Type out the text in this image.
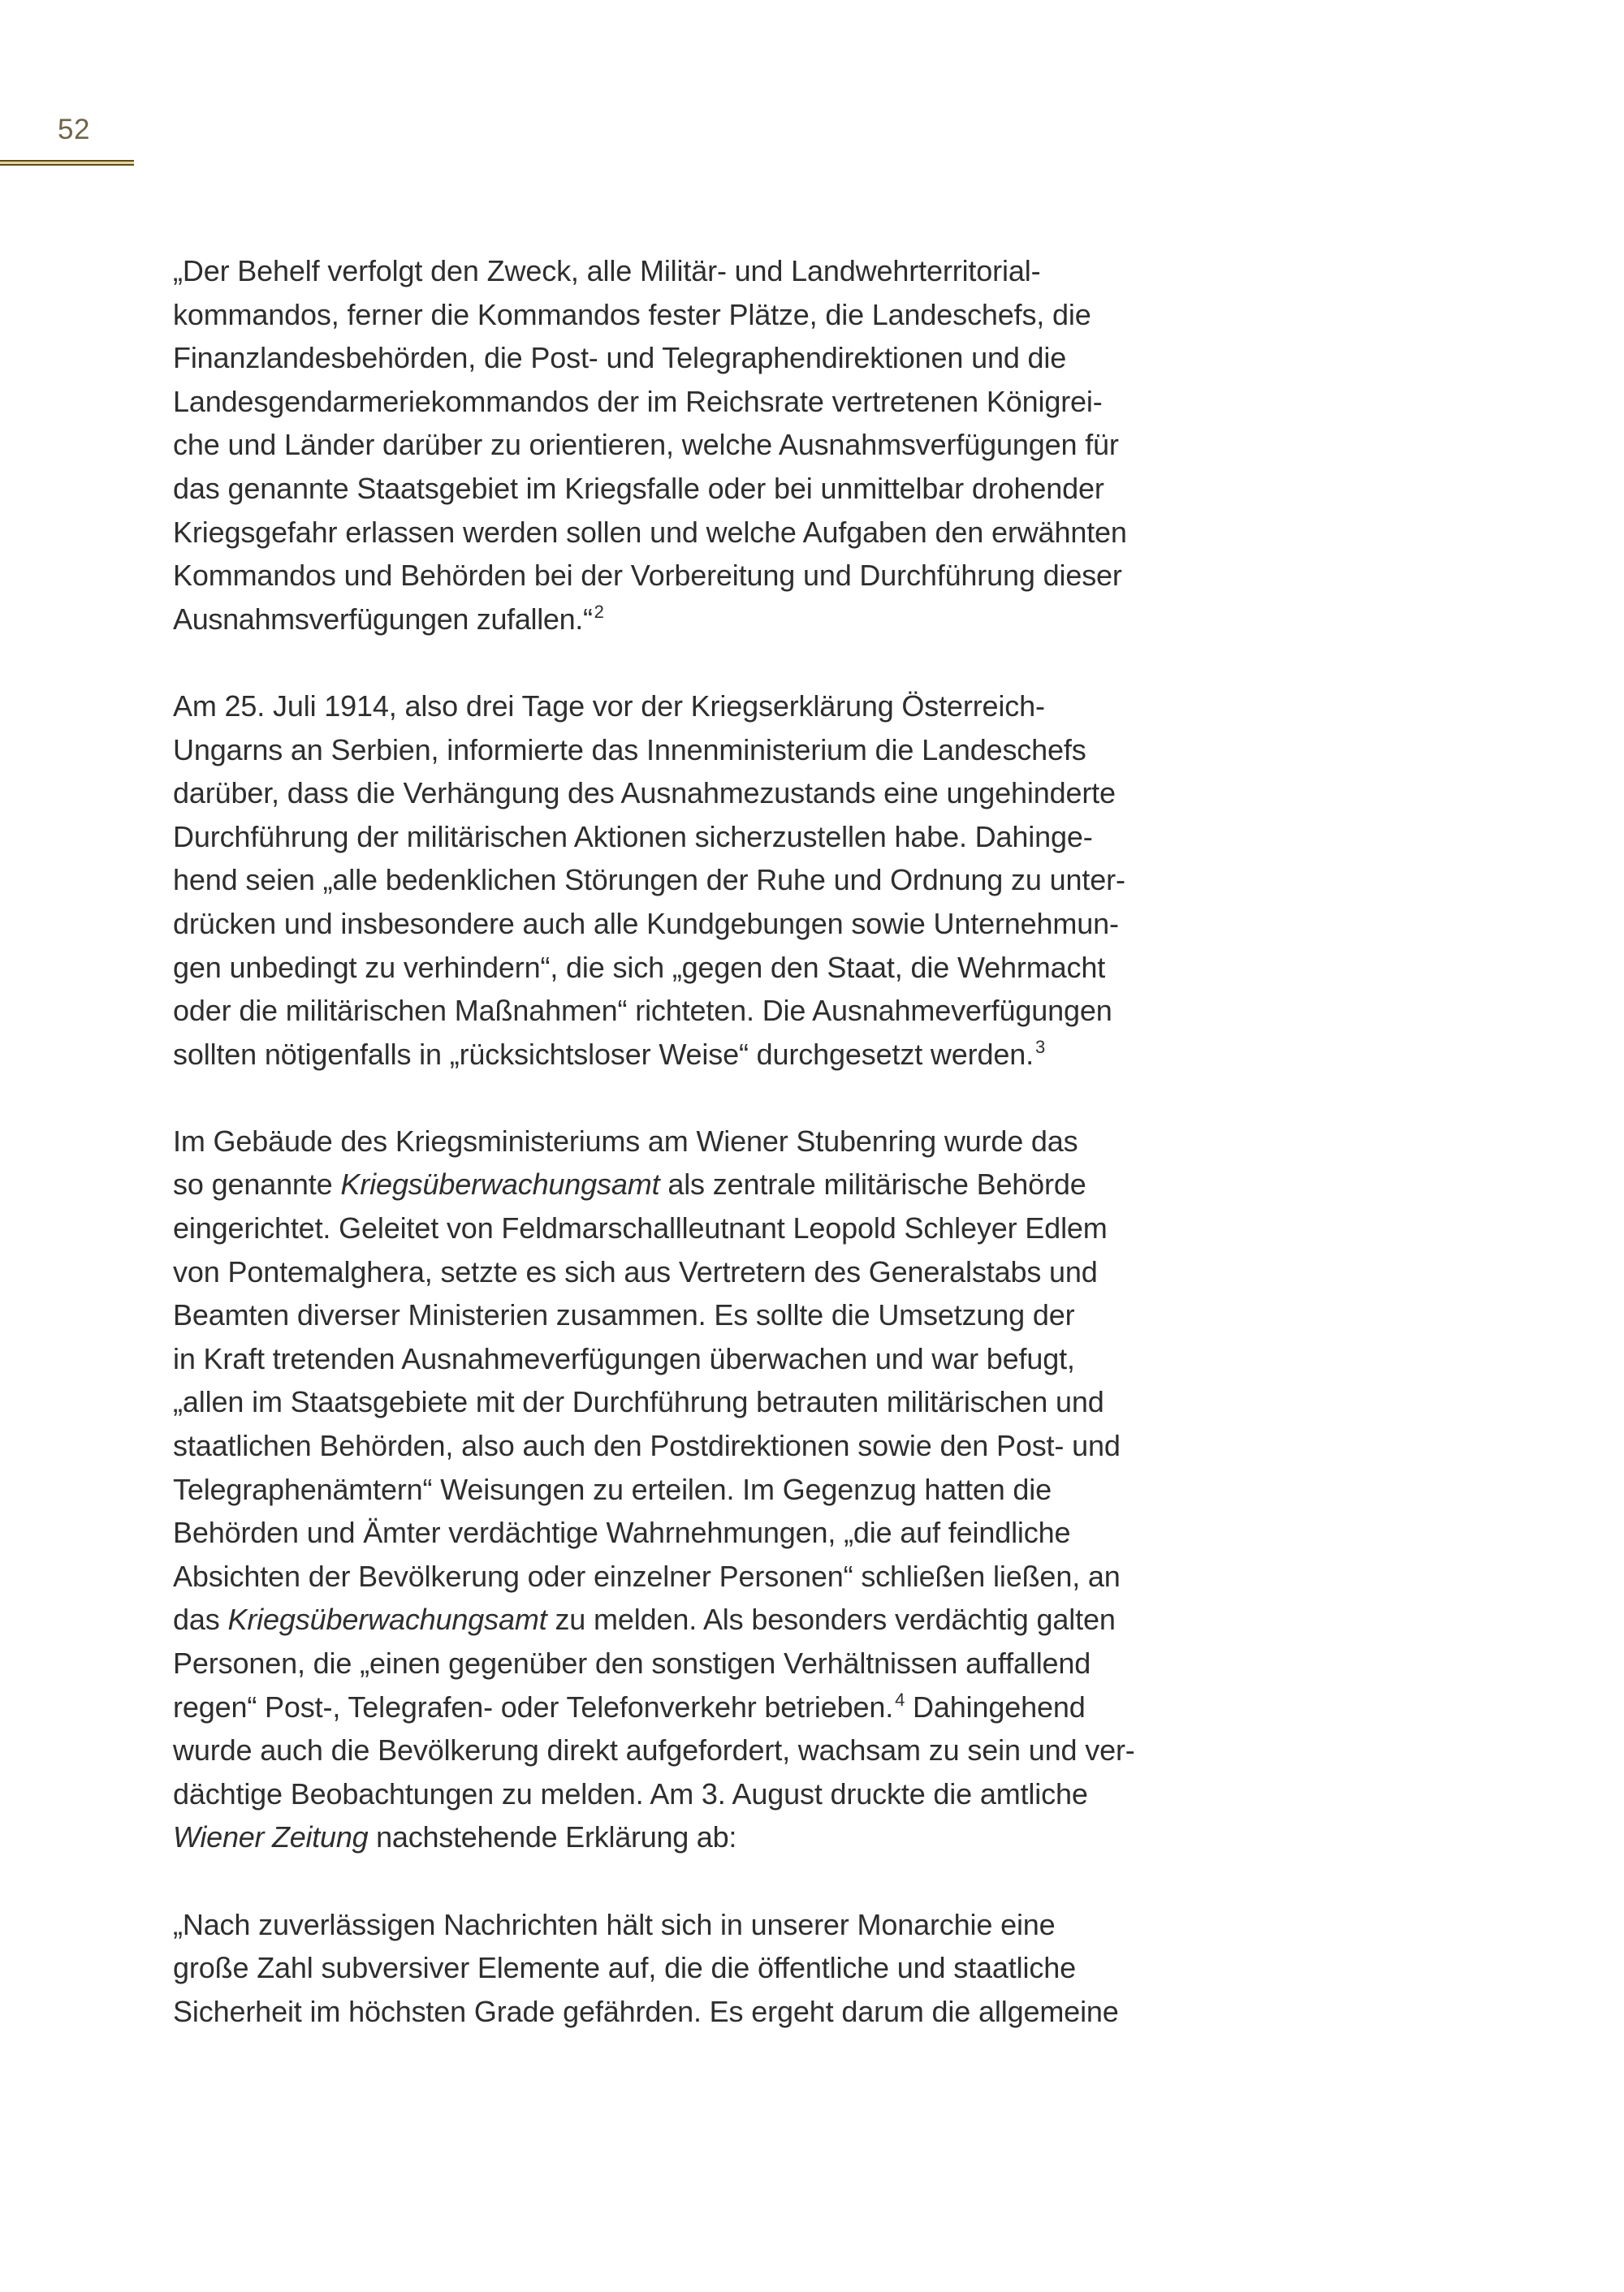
52
„Der Behelf verfolgt den Zweck, alle Militär- und Landwehrterritorial-
kommandos, ferner die Kommandos fester Plätze, die Landeschefs, die
Finanzlandesbehörden, die Post- und Telegraphendirektionen und die
Landesgendarmeriekommandos der im Reichsrate vertretenen Königrei-
che und Länder darüber zu orientieren, welche Ausnahmsverfügungen für
das genannte Staatsgebiet im Kriegsfalle oder bei unmittelbar drohender
Kriegsgefahr erlassen werden sollen und welche Aufgaben den erwähnten
Kommandos und Behörden bei der Vorbereitung und Durchführung dieser
Ausnahmsverfügungen zufallen.“$^2$
Am 25. Juli 1914, also drei Tage vor der Kriegserklärung Österreich-
Ungarns an Serbien, informierte das Innenministerium die Landeschefs
darüber, dass die Verhängung des Ausnahmezustands eine ungehinderte
Durchführung der militärischen Aktionen sicherzustellen habe. Dahinge-
hend seien „alle bedenklichen Störungen der Ruhe und Ordnung zu unter-
drücken und insbesondere auch alle Kundgebungen sowie Unternehmun-
gen unbedingt zu verhindern“, die sich „gegen den Staat, die Wehrmacht
oder die militärischen Maßnahmen“ richteten. Die Ausnahmeverfügungen
sollten nötigenfalls in „rücksichtsloser Weise“ durchgesetzt werden.$^3$
Im Gebäude des Kriegsministeriums am Wiener Stubenring wurde das
so genannte Kriegsüberwachungsamt als zentrale militärische Behörde
eingerichtet. Geleitet von Feldmarschallleutnant Leopold Schleyer Edlem
von Pontemalghera, setzte es sich aus Vertretern des Generalstabs und
Beamten diverser Ministerien zusammen. Es sollte die Umsetzung der
in Kraft tretenden Ausnahmeverfügungen überwachen und war befugt,
„allen im Staatsgebiete mit der Durchführung betrauten militärischen und
staatlichen Behörden, also auch den Postdirektionen sowie den Post- und
Telegraphenämtern“ Weisungen zu erteilen. Im Gegenzug hatten die
Behörden und Ämter verdächtige Wahrnehmungen, „die auf feindliche
Absichten der Bevölkerung oder einzelner Personen“ schließen ließen, an
das Kriegsüberwachungsamt zu melden. Als besonders verdächtig galten
Personen, die „einen gegenüber den sonstigen Verhältnissen auffallend
regen“ Post-, Telegrafen- oder Telefonverkehr betrieben.$^4$ Dahingehend
wurde auch die Bevölkerung direkt aufgefordert, wachsam zu sein und ver-
dächtige Beobachtungen zu melden. Am 3. August druckte die amtliche
Wiener Zeitung nachstehende Erklärung ab:
„Nach zuverlässigen Nachrichten hält sich in unserer Monarchie eine
große Zahl subversiver Elemente auf, die die öffentliche und staatliche
Sicherheit im höchsten Grade gefährden. Es ergeht darum die allgemeine
